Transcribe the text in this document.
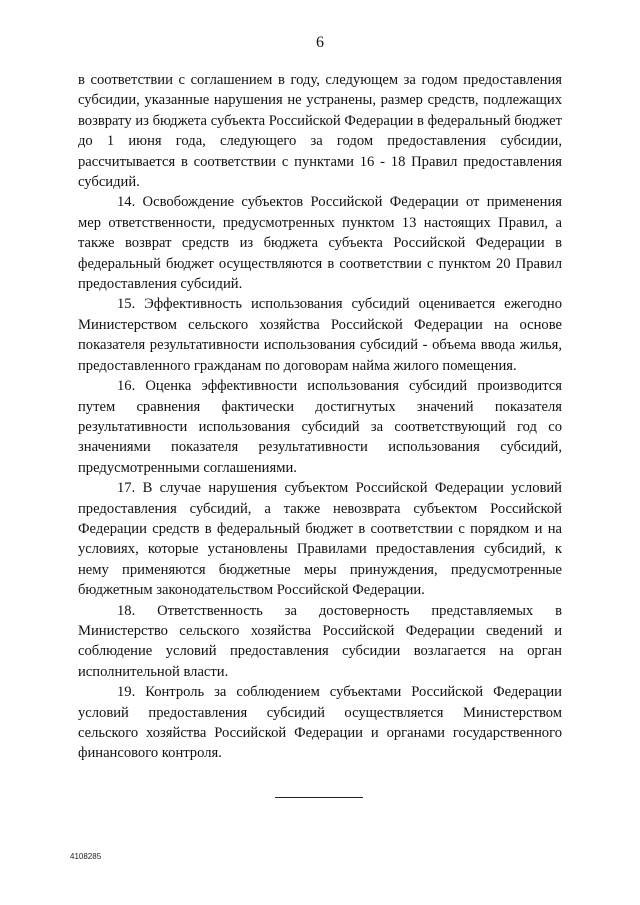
6

в соответствии с соглашением в году, следующем за годом предоставления субсидии, указанные нарушения не устранены, размер средств, подлежащих возврату из бюджета субъекта Российской Федерации в федеральный бюджет до 1 июня года, следующего за годом предоставления субсидии, рассчитывается в соответствии с пунктами 16 - 18 Правил предоставления субсидий.

14. Освобождение субъектов Российской Федерации от применения мер ответственности, предусмотренных пунктом 13 настоящих Правил, а также возврат средств из бюджета субъекта Российской Федерации в федеральный бюджет осуществляются в соответствии с пунктом 20 Правил предоставления субсидий.

15. Эффективность использования субсидий оценивается ежегодно Министерством сельского хозяйства Российской Федерации на основе показателя результативности использования субсидий - объема ввода жилья, предоставленного гражданам по договорам найма жилого помещения.

16. Оценка эффективности использования субсидий производится путем сравнения фактически достигнутых значений показателя результативности использования субсидий за соответствующий год со значениями показателя результативности использования субсидий, предусмотренными соглашениями.

17. В случае нарушения субъектом Российской Федерации условий предоставления субсидий, а также невозврата субъектом Российской Федерации средств в федеральный бюджет в соответствии с порядком и на условиях, которые установлены Правилами предоставления субсидий, к нему применяются бюджетные меры принуждения, предусмотренные бюджетным законодательством Российской Федерации.

18. Ответственность за достоверность представляемых в Министерство сельского хозяйства Российской Федерации сведений и соблюдение условий предоставления субсидии возлагается на орган исполнительной власти.

19. Контроль за соблюдением субъектами Российской Федерации условий предоставления субсидий осуществляется Министерством сельского хозяйства Российской Федерации и органами государственного финансового контроля.

4108285
